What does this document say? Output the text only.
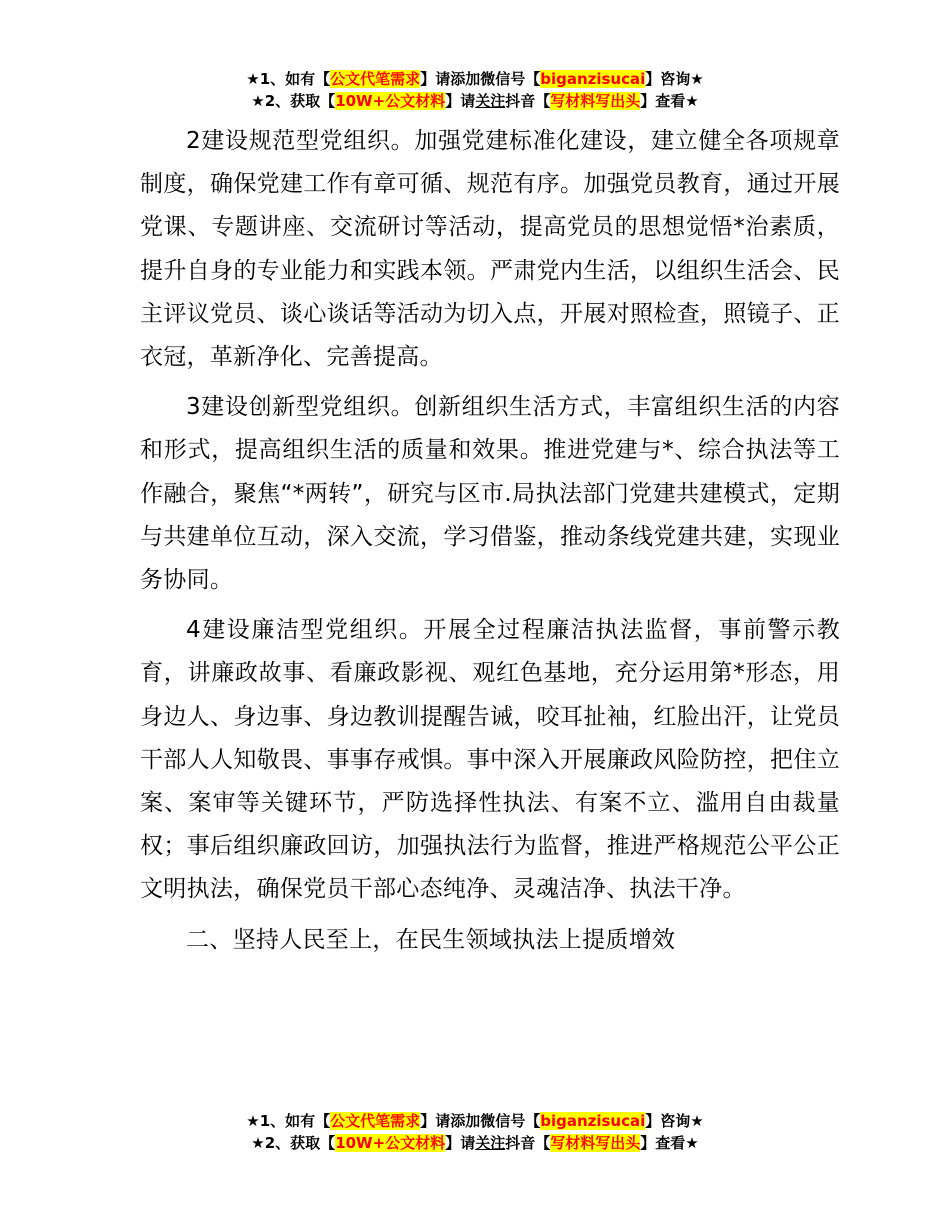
★1、如有【公文代笔需求】请添加微信号【biganzisucai】咨询★
★2、获取【10W+公文材料】请关注抖音【写材料写出头】查看★

2建设规范型党组织。加强党建标准化建设，建立健全各项规章制度，确保党建工作有章可循、规范有序。加强党员教育，通过开展党课、专题讲座、交流研讨等活动，提高党员的思想觉悟*治素质，提升自身的专业能力和实践本领。严肃党内生活，以组织生活会、民主评议党员、谈心谈话等活动为切入点，开展对照检查，照镜子、正衣冠，革新净化、完善提高。

3建设创新型党组织。创新组织生活方式，丰富组织生活的内容和形式，提高组织生活的质量和效果。推进党建与*、综合执法等工作融合，聚焦“*两转”，研究与区市.局执法部门党建共建模式，定期与共建单位互动，深入交流，学习借鉴，推动条线党建共建，实现业务协同。

4建设廉洁型党组织。开展全过程廉洁执法监督，事前警示教育，讲廉政故事、看廉政影视、观红色基地，充分运用第*形态，用身边人、身边事、身边教训提醒告诫，咬耳扯袖，红脸出汗，让党员干部人人知敬畏、事事存戒惧。事中深入开展廉政风险防控，把住立案、案审等关键环节，严防选择性执法、有案不立、滥用自由裁量权；事后组织廉政回访，加强执法行为监督，推进严格规范公平公正文明执法，确保党员干部心态纯净、灵魂洁净、执法干净。

二、坚持人民至上，在民生领域执法上提质增效

★1、如有【公文代笔需求】请添加微信号【biganzisucai】咨询★
★2、获取【10W+公文材料】请关注抖音【写材料写出头】查看★
